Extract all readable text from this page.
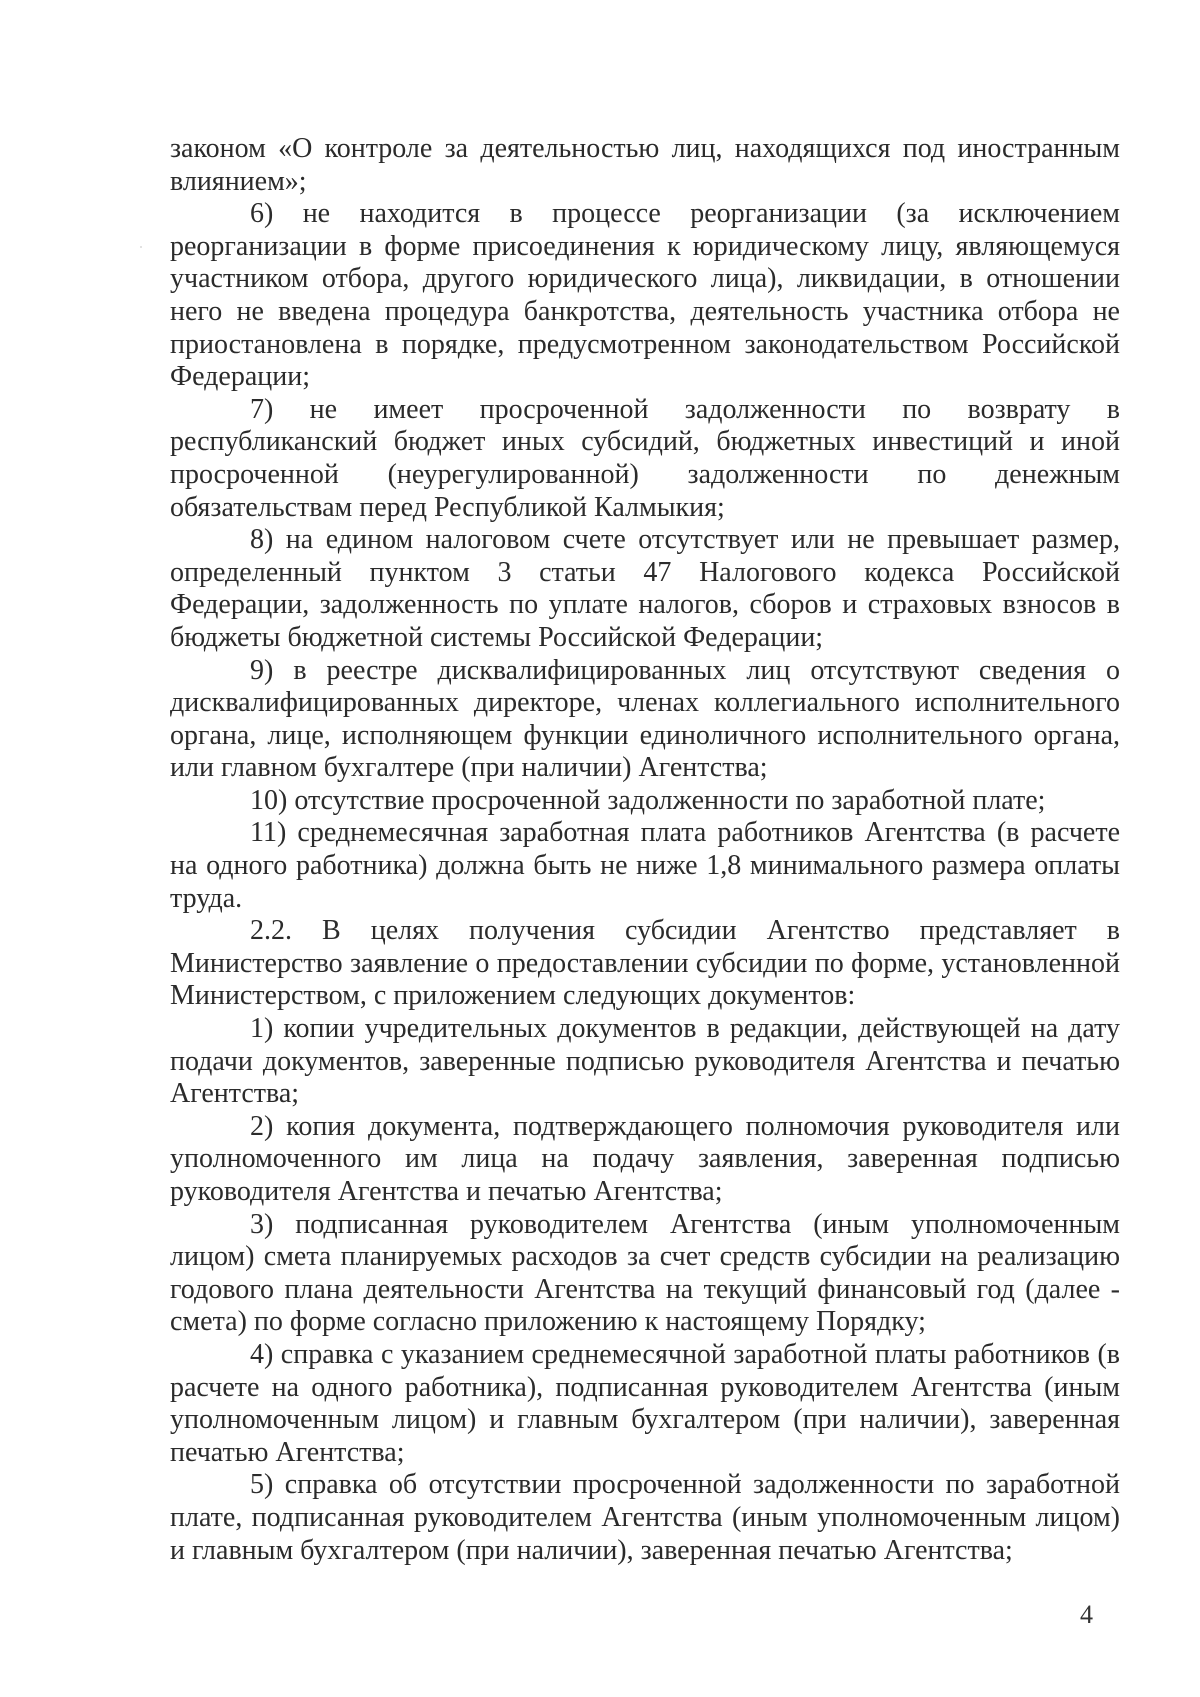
законом «О контроле за деятельностью лиц, находящихся под иностранным влиянием»;

6) не находится в процессе реорганизации (за исключением реорганизации в форме присоединения к юридическому лицу, являющемуся участником отбора, другого юридического лица), ликвидации, в отношении него не введена процедура банкротства, деятельность участника отбора не приостановлена в порядке, предусмотренном законодательством Российской Федерации;

7) не имеет просроченной задолженности по возврату в республиканский бюджет иных субсидий, бюджетных инвестиций и иной просроченной (неурегулированной) задолженности по денежным обязательствам перед Республикой Калмыкия;

8) на едином налоговом счете отсутствует или не превышает размер, определенный пунктом 3 статьи 47 Налогового кодекса Российской Федерации, задолженность по уплате налогов, сборов и страховых взносов в бюджеты бюджетной системы Российской Федерации;

9) в реестре дисквалифицированных лиц отсутствуют сведения о дисквалифицированных директоре, членах коллегиального исполнительного органа, лице, исполняющем функции единоличного исполнительного органа, или главном бухгалтере (при наличии) Агентства;

10) отсутствие просроченной задолженности по заработной плате;

11) среднемесячная заработная плата работников Агентства (в расчете на одного работника) должна быть не ниже 1,8 минимального размера оплаты труда.

2.2. В целях получения субсидии Агентство представляет в Министерство заявление о предоставлении субсидии по форме, установленной Министерством, с приложением следующих документов:

1) копии учредительных документов в редакции, действующей на дату подачи документов, заверенные подписью руководителя Агентства и печатью Агентства;

2) копия документа, подтверждающего полномочия руководителя или уполномоченного им лица на подачу заявления, заверенная подписью руководителя Агентства и печатью Агентства;

3) подписанная руководителем Агентства (иным уполномоченным лицом) смета планируемых расходов за счет средств субсидии на реализацию годового плана деятельности Агентства на текущий финансовый год (далее - смета) по форме согласно приложению к настоящему Порядку;

4) справка с указанием среднемесячной заработной платы работников (в расчете на одного работника), подписанная руководителем Агентства (иным уполномоченным лицом) и главным бухгалтером (при наличии), заверенная печатью Агентства;

5) справка об отсутствии просроченной задолженности по заработной плате, подписанная руководителем Агентства (иным уполномоченным лицом) и главным бухгалтером (при наличии), заверенная печатью Агентства;

4
